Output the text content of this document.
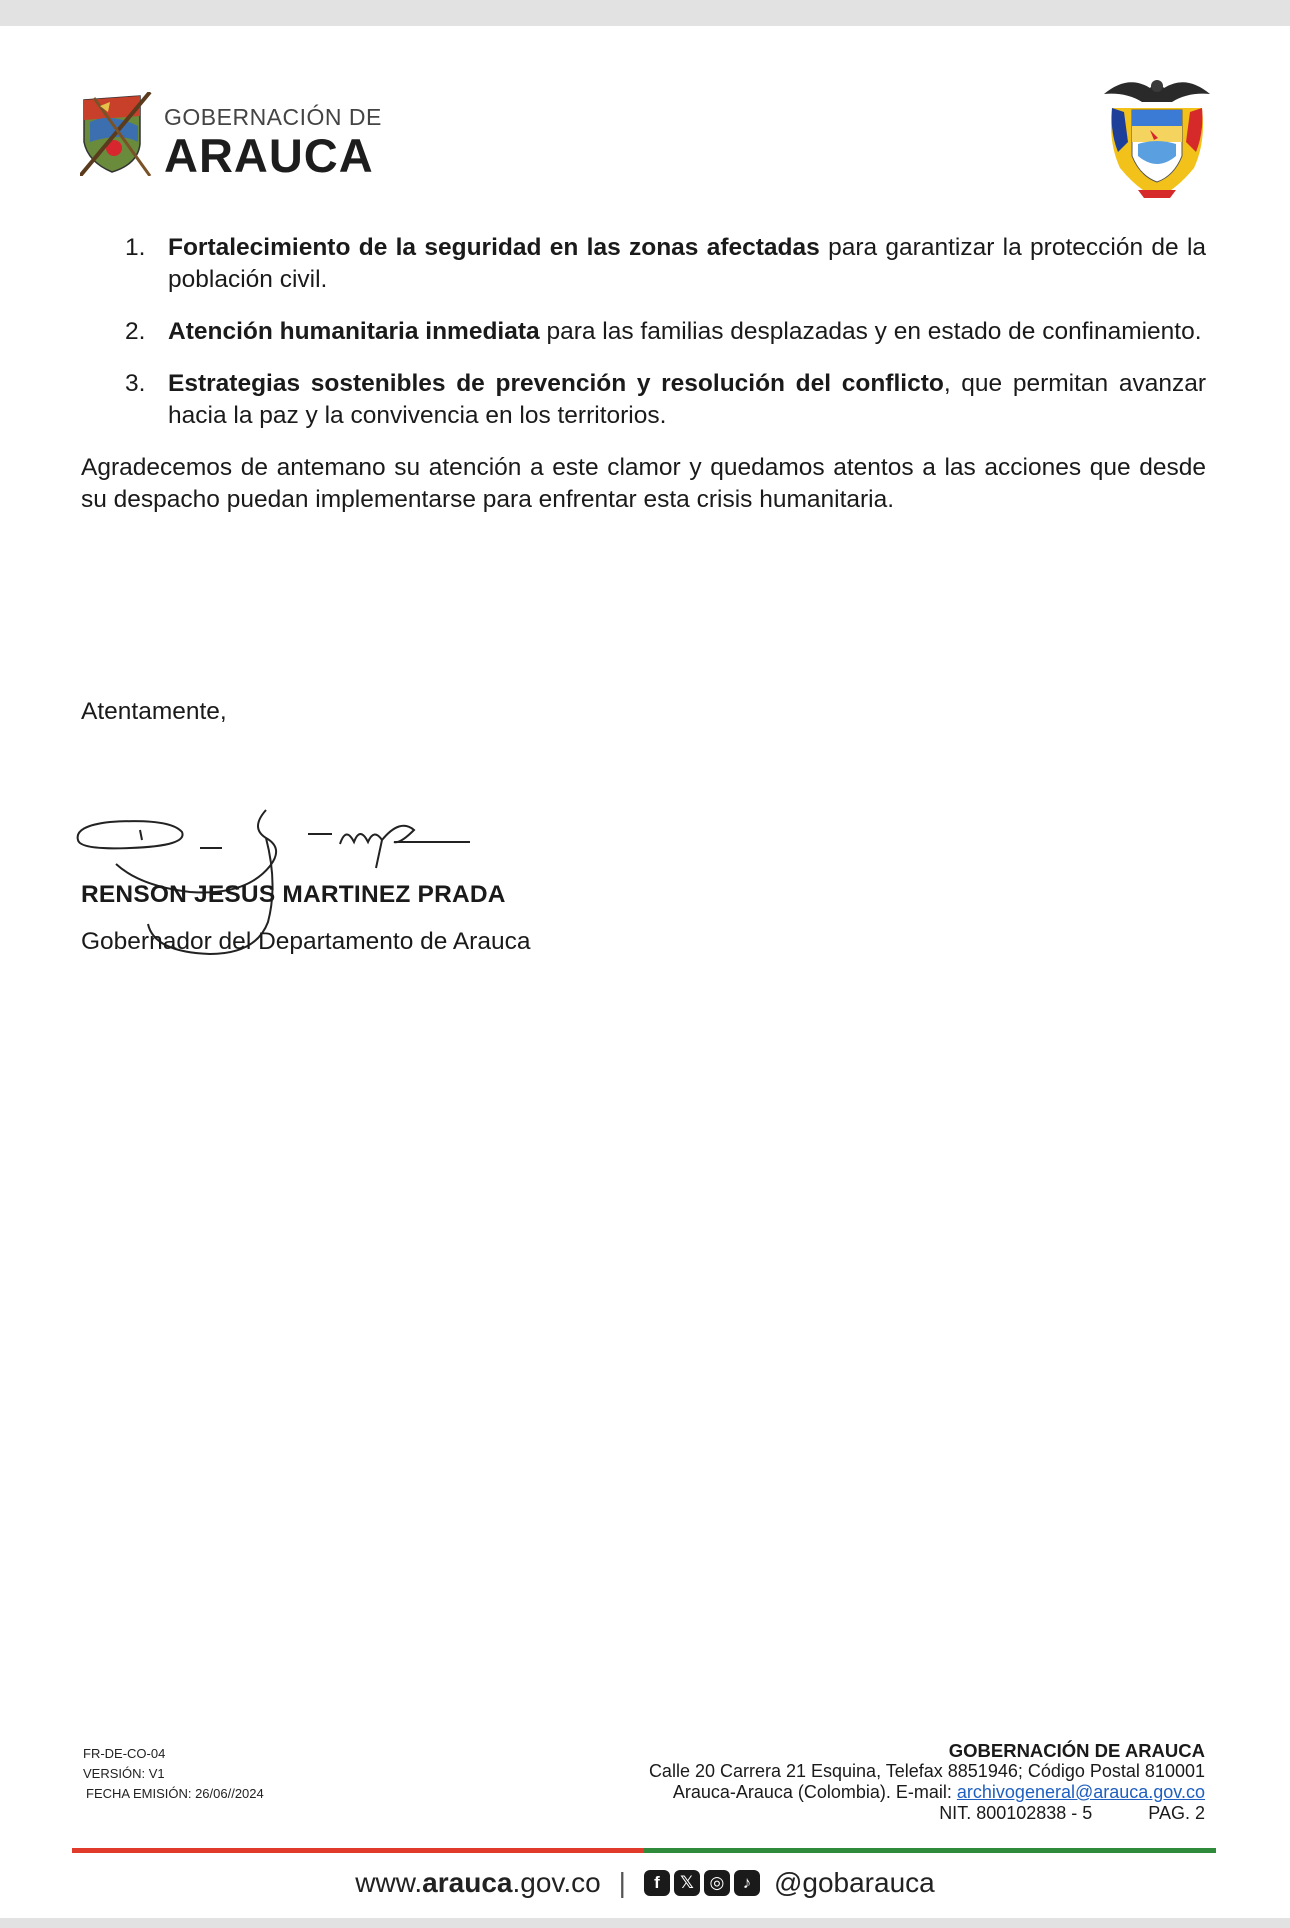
GOBERNACIÓN DE
ARAUCA
1. Fortalecimiento de la seguridad en las zonas afectadas para garantizar la protección de la población civil.
2. Atención humanitaria inmediata para las familias desplazadas y en estado de confinamiento.
3. Estrategias sostenibles de prevención y resolución del conflicto, que permitan avanzar hacia la paz y la convivencia en los territorios.

Agradecemos de antemano su atención a este clamor y quedamos atentos a las acciones que desde su despacho puedan implementarse para enfrentar esta crisis humanitaria.

Atentamente,
RENSON JESUS MARTINEZ PRADA
Gobernador del Departamento de Arauca
FR-DE-CO-04
VERSIÓN: V1
FECHA EMISIÓN: 26/06//2024
GOBERNACIÓN DE ARAUCA
Calle 20 Carrera 21 Esquina, Telefax 8851946; Código Postal 810001
Arauca-Arauca (Colombia). E-mail: archivogeneral@arauca.gov.co
NIT. 800102838 - 5	PAG. 2
www.arauca.gov.co |	f	𝕏 ◎	♪ @gobarauca
